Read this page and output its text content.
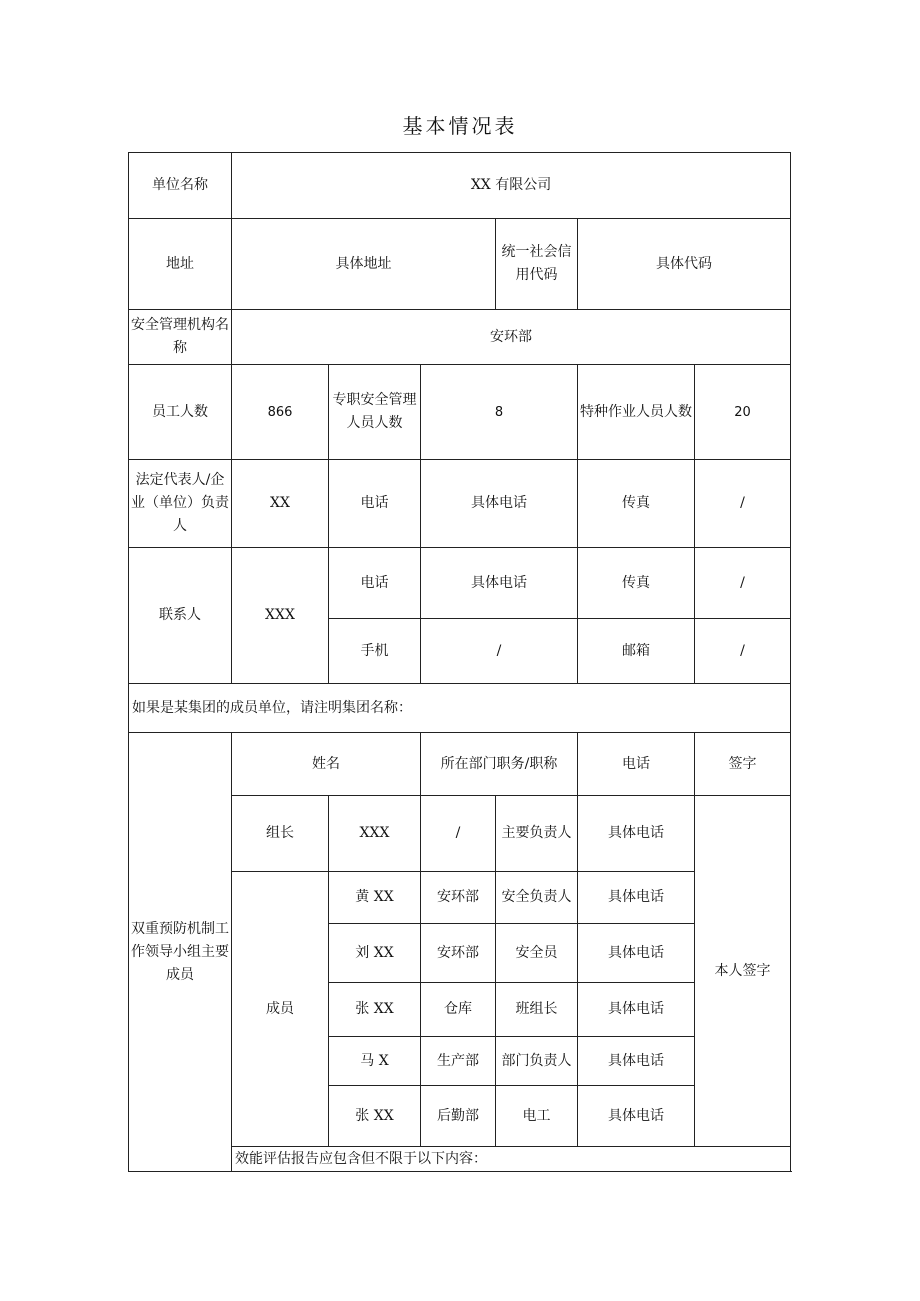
基本情况表
单位名称	XX 有限公司					
地址	具体地址			统一社会信用代码	具体代码	
安全管理机构名称	安环部					
员工人数	866	专职安全管理人员人数	8		特种作业人员人数	20
法定代表人/企业（单位）负责人	XX	电话	具体电话		传真	/
联系人	XXX	电话	具体电话		传真	/
		手机	/		邮箱	/
如果是某集团的成员单位，请注明集团名称：						
双重预防机制工作领导小组主要成员	姓名		所在部门职务/职称		电话	签字
	组长	XXX	/	主要负责人	具体电话	本人签字
	成员	黄 XX	安环部	安全负责人	具体电话	
		刘 XX	安环部	安全员	具体电话	
		张 XX	仓库	班组长	具体电话	
		马 X	生产部	部门负责人	具体电话	
		张 XX	后勤部	电工	具体电话	
	效能评估报告应包含但不限于以下内容：					
